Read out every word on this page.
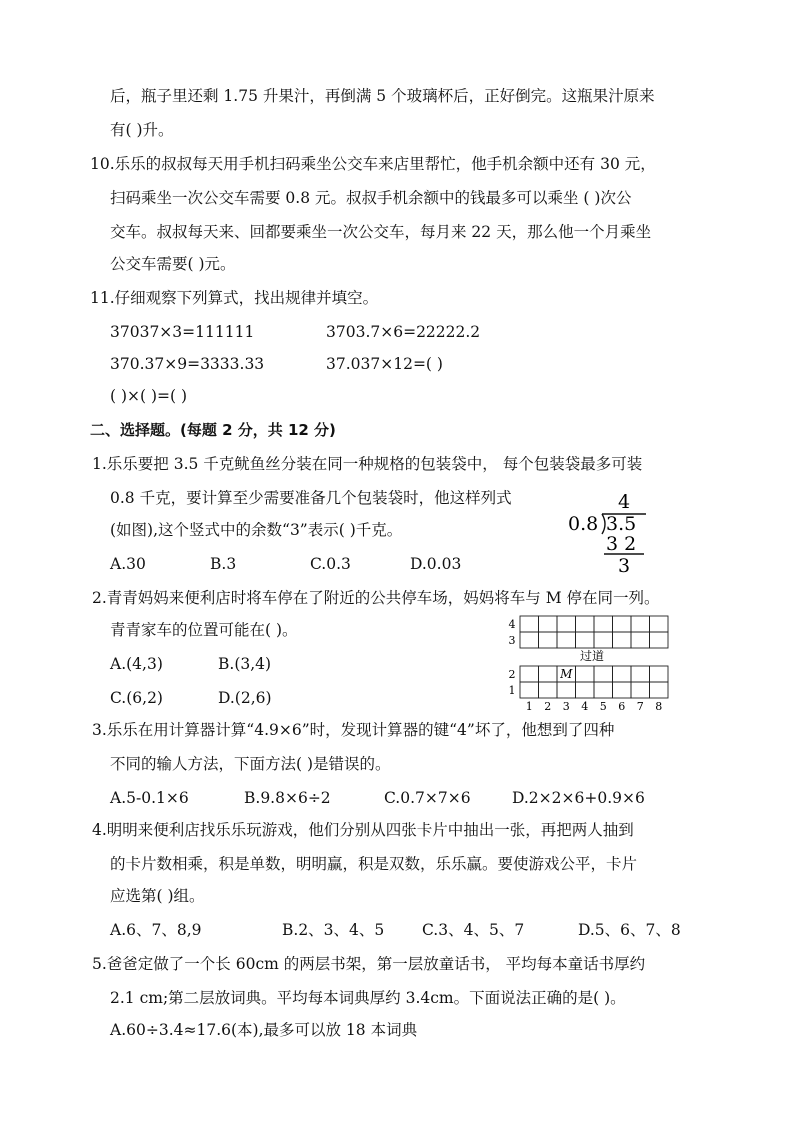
后，瓶子里还剩 1.75 升果汁，再倒满 5 个玻璃杯后，正好倒完。这瓶果汁原来
有( )升。
10.乐乐的叔叔每天用手机扫码乘坐公交车来店里帮忙，他手机余额中还有 30 元，
扫码乘坐一次公交车需要 0.8 元。叔叔手机余额中的钱最多可以乘坐 ( )次公
交车。叔叔每天来、回都要乘坐一次公交车，每月来 22 天，那么他一个月乘坐
公交车需要( )元。
11.仔细观察下列算式，找出规律并填空。
37037×3=111111	3703.7×6=22222.2
370.37×9=3333.33	37.037×12=( )
( )×( )=( )
二、选择题。(每题 2 分，共 12 分)
1.乐乐要把 3.5 千克鱿鱼丝分装在同一种规格的包装袋中， 每个包装袋最多可装
0.8 千克，要计算至少需要准备几个包装袋时，他这样列式
(如图),这个竖式中的余数“3”表示( )千克。
A.30	B.3	C.0.3	D.0.03
4
0.8 3.5
3 2
3
2.青青妈妈来便利店时将车停在了附近的公共停车场，妈妈将车与 M 停在同一列。
青青家车的位置可能在( )。
A.(4,3)	B.(3,4)
C.(6,2)	D.(2,6)
4
3
过道
2
1
M
1 2 3 4 5 6 7 8
3.乐乐在用计算器计算“4.9×6”时，发现计算器的键“4”坏了，他想到了四种
不同的输人方法，下面方法( )是错误的。
A.5-0.1×6	B.9.8×6÷2	C.0.7×7×6	D.2×2×6+0.9×6
4.明明来便利店找乐乐玩游戏，他们分别从四张卡片中抽出一张，再把两人抽到
的卡片数相乘，积是单数，明明赢，积是双数，乐乐赢。要使游戏公平，卡片
应选第( )组。
A.6、7、8,9	B.2、3、4、5 C.3、4、5、7	D.5、6、7、8
5.爸爸定做了一个长 60cm 的两层书架，第一层放童话书， 平均每本童话书厚约
2.1 cm;第二层放词典。平均每本词典厚约 3.4cm。下面说法正确的是( )。
A.60÷3.4≈17.6(本),最多可以放 18 本词典
